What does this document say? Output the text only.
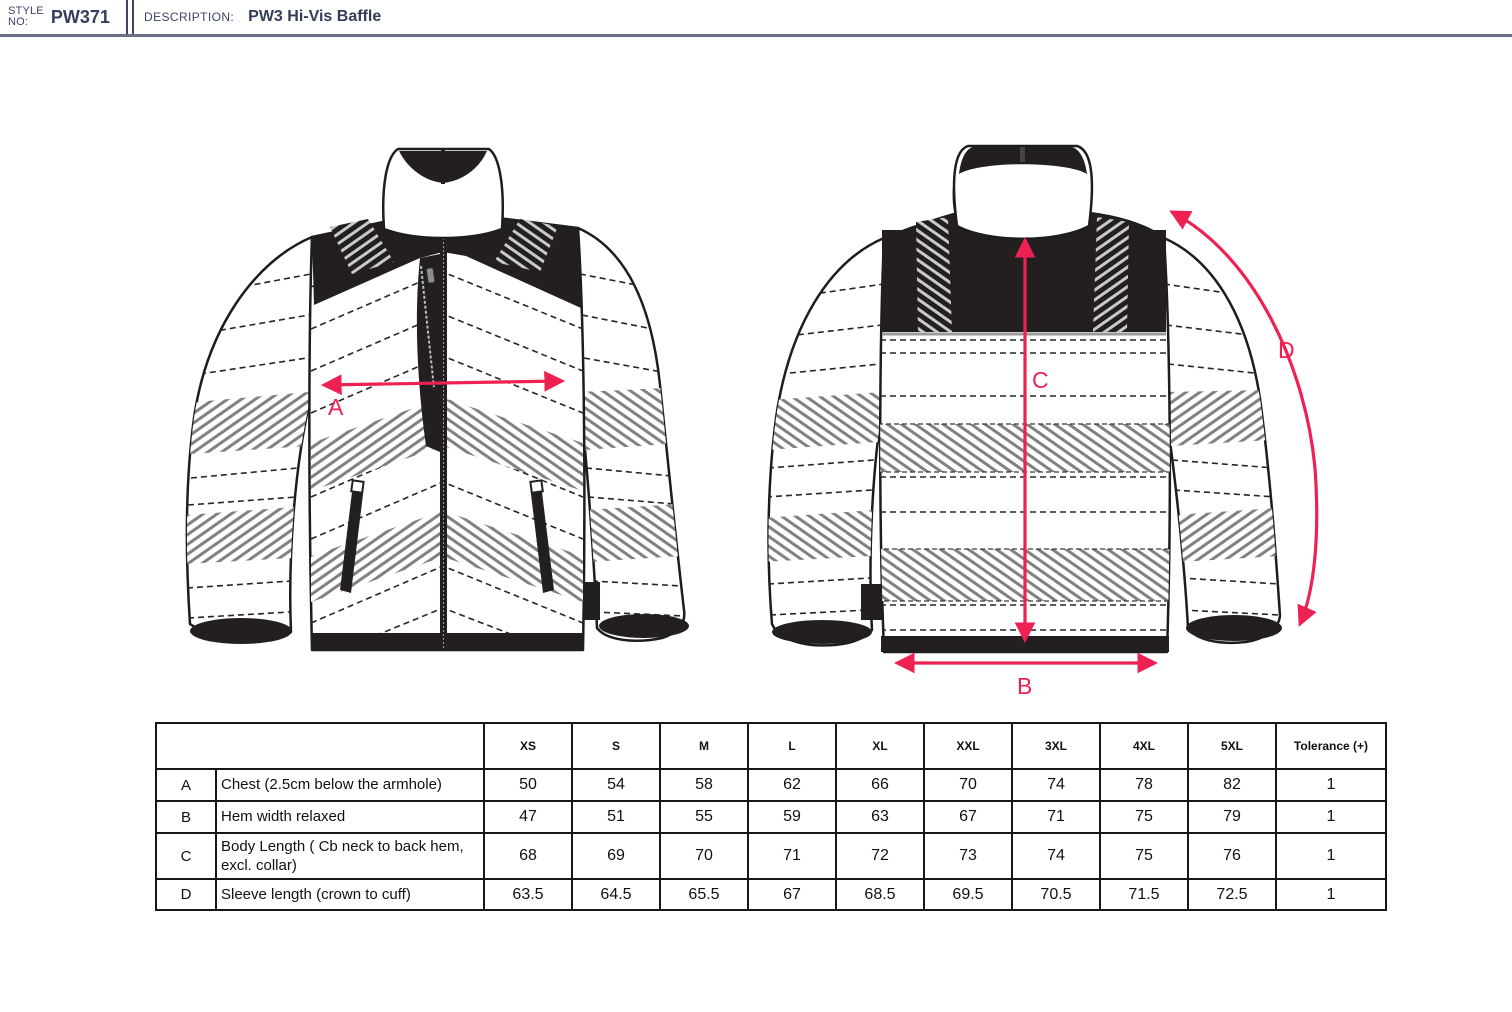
STYLE
NO:	PW371	DESCRIPTION: PW3 Hi-Vis Baffle
A
C
B
D
		XS	S	M	L	XL	XXL	3XL	4XL	5XL	Tolerance (+)
A	Chest (2.5cm below the armhole)	50	54	58	62	66	70	74	78	82	1
B	Hem width relaxed	47	51	55	59	63	67	71	75	79	1
C	Body Length ( Cb neck to back hem, excl. collar)	68	69	70	71	72	73	74	75	76	1
D	Sleeve length (crown to cuff)	63.5	64.5	65.5	67	68.5	69.5	70.5	71.5	72.5	1
